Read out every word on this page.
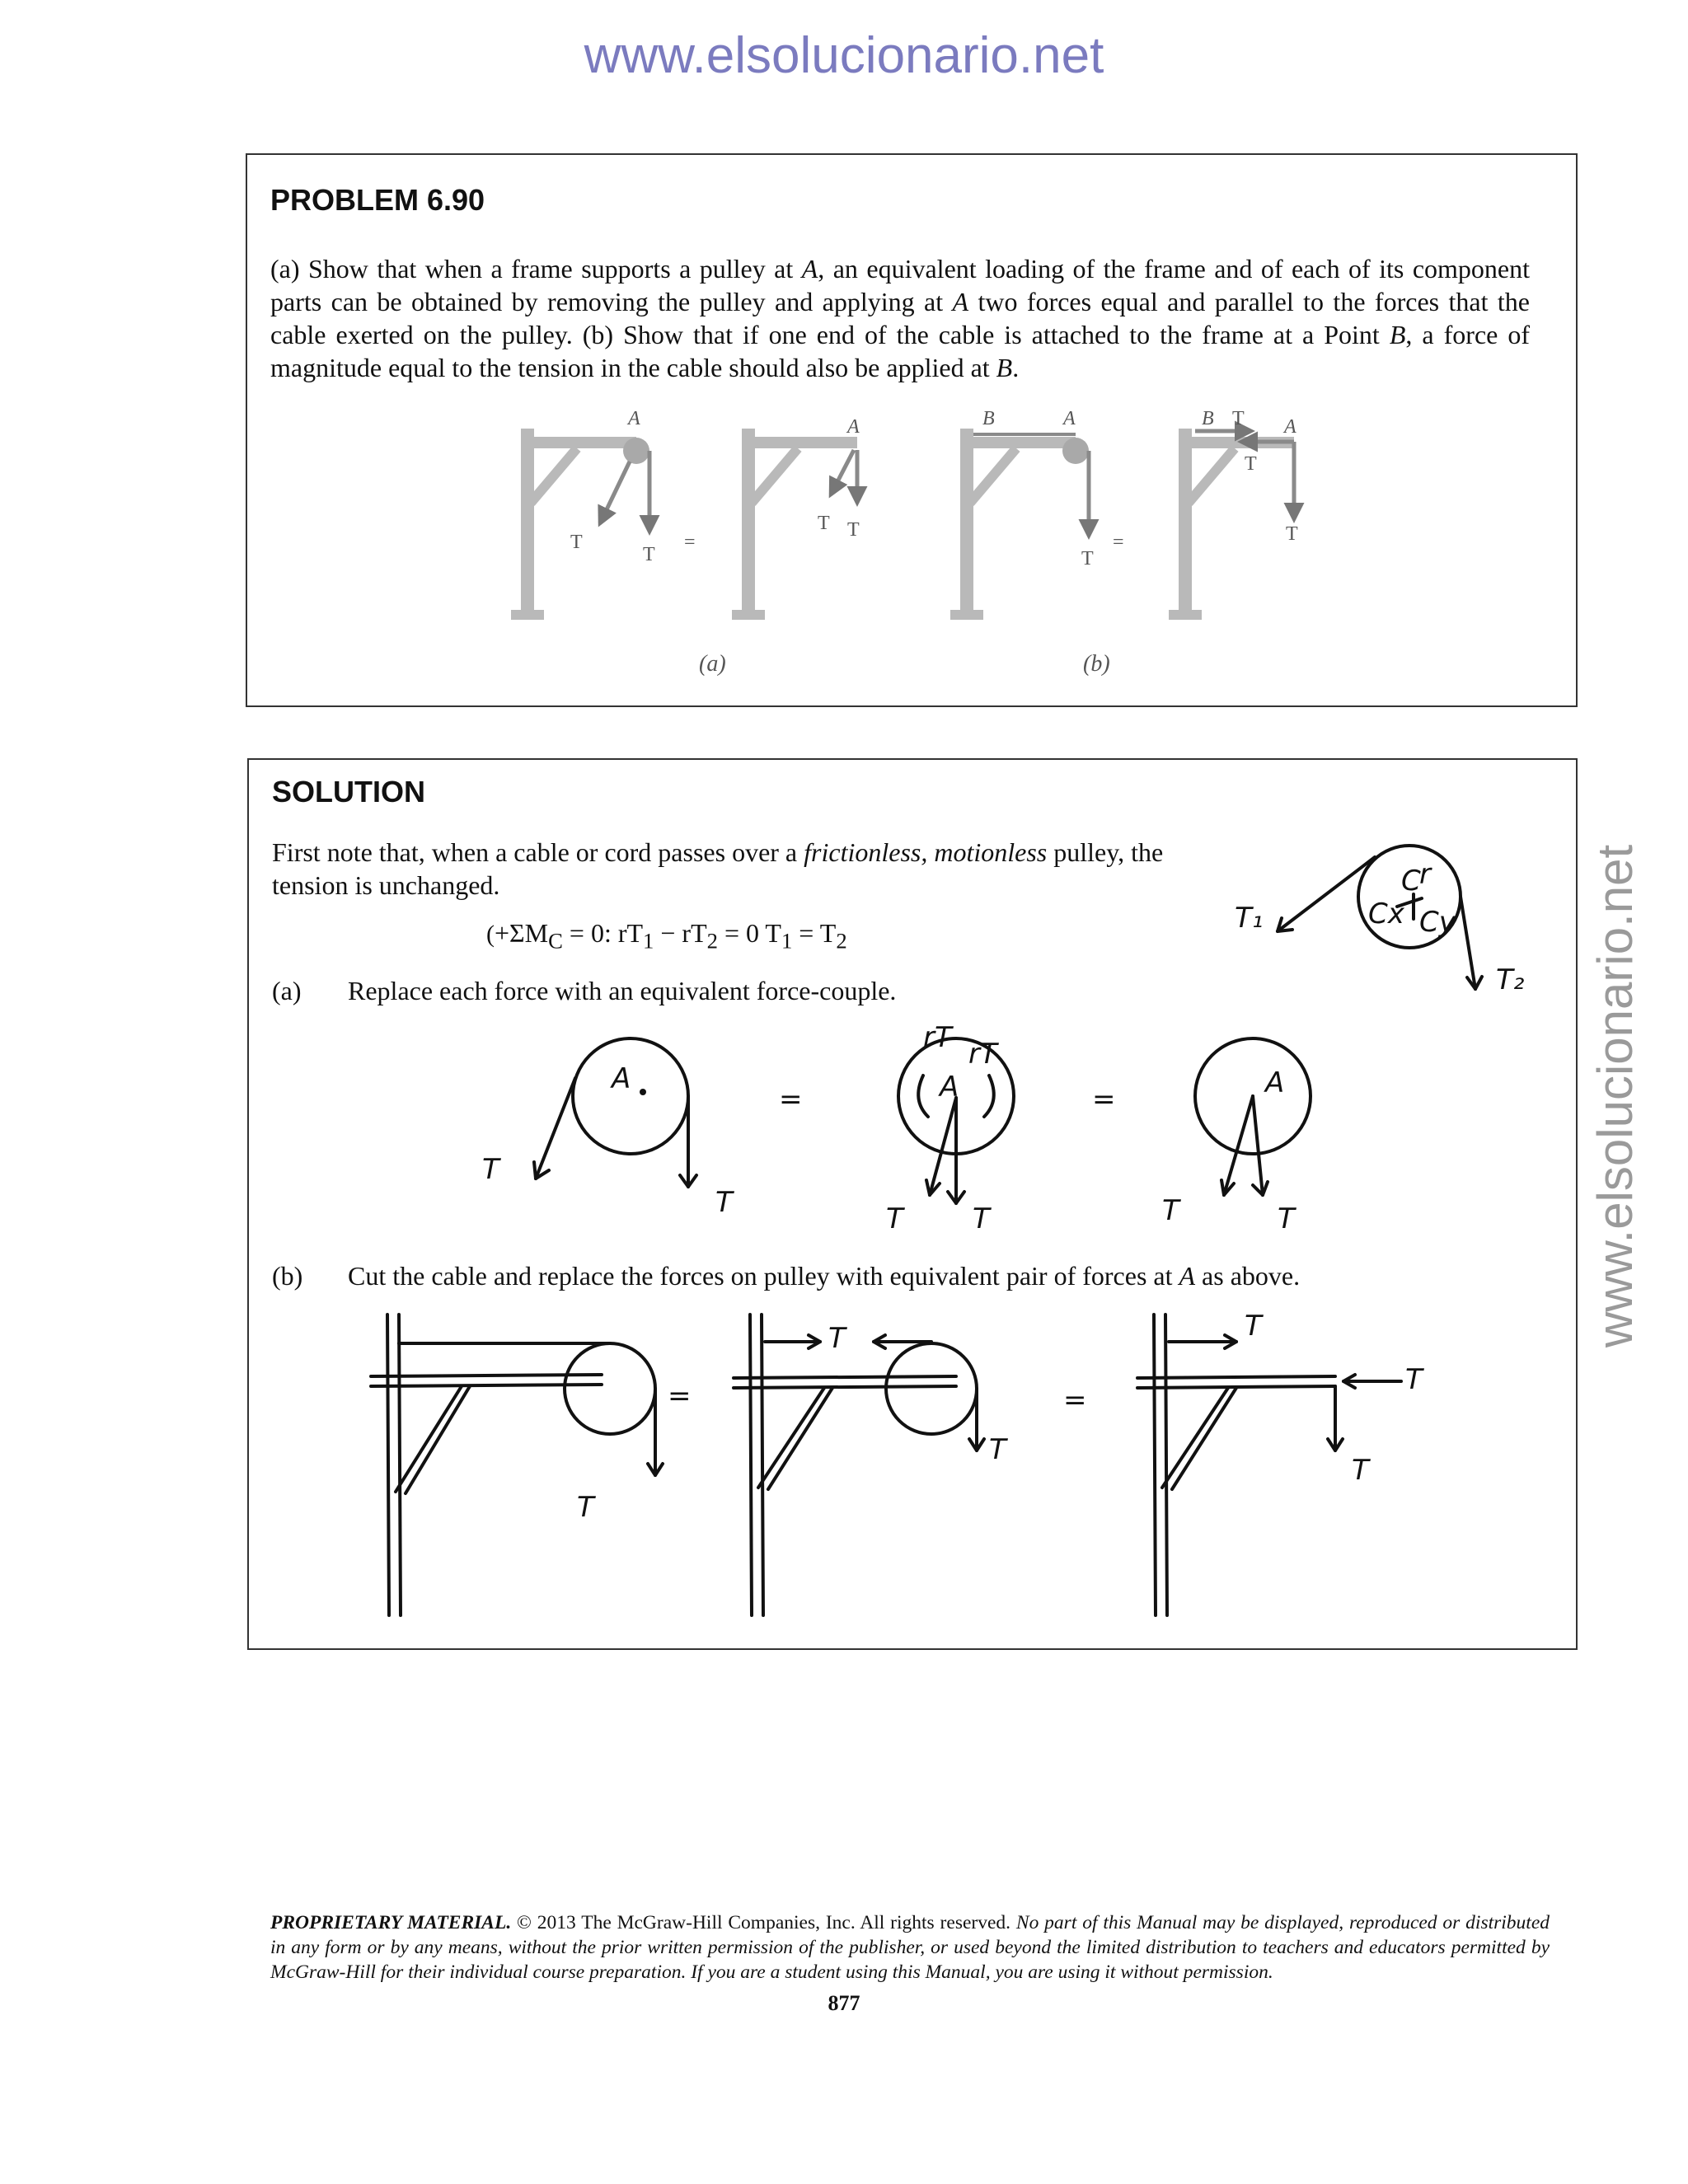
www.elsolucionario.net
www.elsolucionario.net
PROBLEM 6.90

(a) Show that when a frame supports a pulley at A, an equivalent loading of the frame and of each of its component parts can be obtained by removing the pulley and applying at A two forces equal and parallel to the forces that the cable exerted on the pulley. (b) Show that if one end of the cable is attached to the frame at a Point B, a force of magnitude equal to the tension in the cable should also be applied at B.

A
T
T
=
A
T T
B	A
T
=
B T A
T
T
(a)	(b)
SOLUTION

First note that, when a cable or cord passes over a frictionless, motionless pulley, the tension is unchanged.

($+\Sigma M_C = 0$: $rT_1 - rT_2 = 0$ $T_1 = T_2$
T₁
T₂
Cx Cy
C
r
(a) Replace each force with an equivalent force-couple.
A
T
T
=
rT rT
A
T T
=	A
T	T
(b) Cut the cable and replace the forces on pulley with equivalent pair of forces at A as above.
T
=
T
T
=
T
T
T
PROPRIETARY MATERIAL. © 2013 The McGraw-Hill Companies, Inc. All rights reserved. No part of this Manual may be displayed, reproduced or distributed in any form or by any means, without the prior written permission of the publisher, or used beyond the limited distribution to teachers and educators permitted by McGraw-Hill for their individual course preparation. If you are a student using this Manual, you are using it without permission.
877
